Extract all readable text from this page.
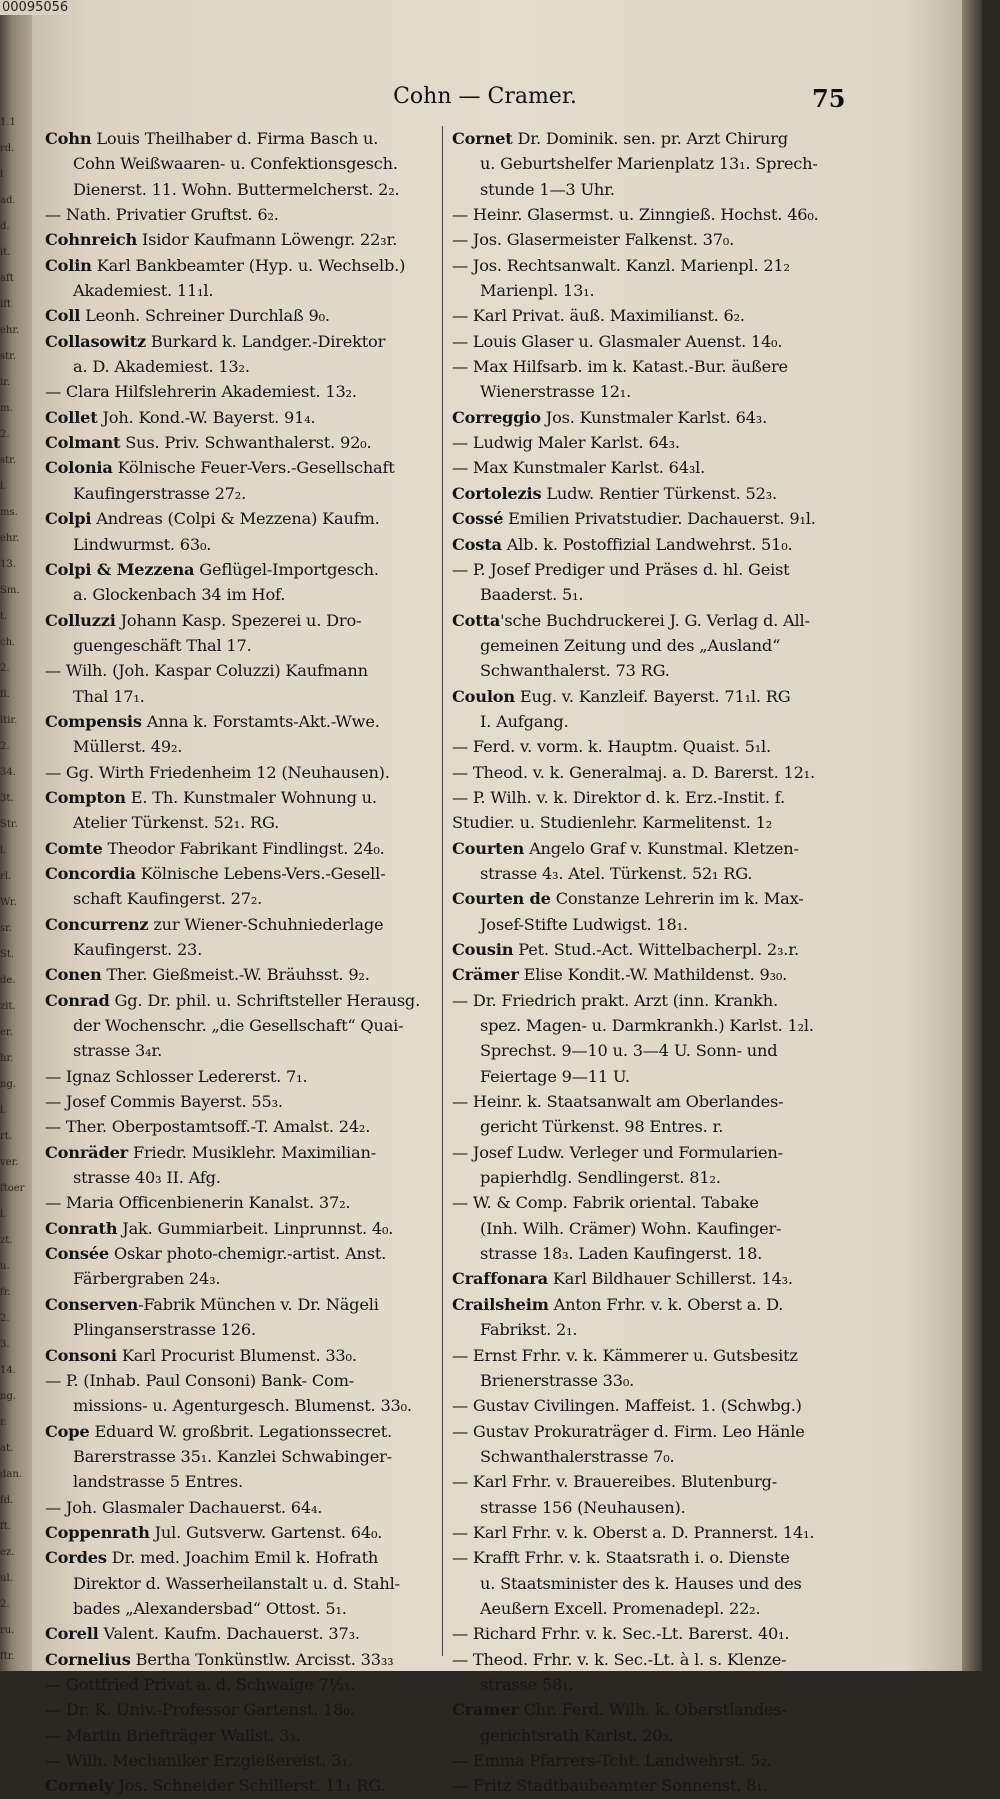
1.1
rd.
l
ad.
d.
it.
aft
ift
ehr.
str.
ir.
m.
2.
str.
l.
ms.
ehr.
13.
Sm.
t.
ch.
2.
fl.
ltir.
2.
34.
3t.
Str.
l.
rl.
Wr.
sr.
St.
de.
zit.
er.
hr.
ng.
l.
rt.
ver.
ftoer
l.
zt.
u.
fr.
2.
3.
14.
ng.
r.
at.
dan.
fd.
ft.
ez.
ul.
2.
ru.
ftr.
00095056
Cohn — Cramer.	75
Cohn Louis Theilhaber d. Firma Basch u.
Cohn Weißwaaren- u. Confektionsgesch.
Dienerst. 11. Wohn. Buttermelcherst. 2₂.
— Nath. Privatier Gruftst. 6₂.
Cohnreich Isidor Kaufmann Löwengr. 22₃r.
Colin Karl Bankbeamter (Hyp. u. Wechselb.)
Akademiest. 11₁l.
Coll Leonh. Schreiner Durchlaß 9₀.
Collasowitz Burkard k. Landger.-Direktor
a. D. Akademiest. 13₂.
— Clara Hilfslehrerin Akademiest. 13₂.
Collet Joh. Kond.-W. Bayerst. 91₄.
Colmant Sus. Priv. Schwanthalerst. 92₀.
Colonia Kölnische Feuer-Vers.-Gesellschaft
Kaufingerstrasse 27₂.
Colpi Andreas (Colpi & Mezzena) Kaufm.
Lindwurmst. 63₀.
Colpi & Mezzena Geflügel-Importgesch.
a. Glockenbach 34 im Hof.
Colluzzi Johann Kasp. Spezerei u. Dro-
guengeschäft Thal 17.
— Wilh. (Joh. Kaspar Coluzzi) Kaufmann
Thal 17₁.
Compensis Anna k. Forstamts-Akt.-Wwe.
Müllerst. 49₂.
— Gg. Wirth Friedenheim 12 (Neuhausen).
Compton E. Th. Kunstmaler Wohnung u.
Atelier Türkenst. 52₁. RG.
Comte Theodor Fabrikant Findlingst. 24₀.
Concordia Kölnische Lebens-Vers.-Gesell-
schaft Kaufingerst. 27₂.
Concurrenz zur Wiener-Schuhniederlage
Kaufingerst. 23.
Conen Ther. Gießmeist.-W. Bräuhsst. 9₂.
Conrad Gg. Dr. phil. u. Schriftsteller Herausg.
der Wochenschr. „die Gesellschaft“ Quai-
strasse 3₄r.
— Ignaz Schlosser Ledererst. 7₁.
— Josef Commis Bayerst. 55₃.
— Ther. Oberpostamtsoff.-T. Amalst. 24₂.
Conräder Friedr. Musiklehr. Maximilian-
strasse 40₃ II. Afg.
— Maria Officenbienerin Kanalst. 37₂.
Conrath Jak. Gummiarbeit. Linprunnst. 4₀.
Consée Oskar photo-chemigr.-artist. Anst.
Färbergraben 24₃.
Conserven-Fabrik München v. Dr. Nägeli
Plinganserstrasse 126.
Consoni Karl Procurist Blumenst. 33₀.
— P. (Inhab. Paul Consoni) Bank- Com-
missions- u. Agenturgesch. Blumenst. 33₀.
Cope Eduard W. großbrit. Legationssecret.
Barerstrasse 35₁. Kanzlei Schwabinger-
landstrasse 5 Entres.
— Joh. Glasmaler Dachauerst. 64₄.
Coppenrath Jul. Gutsverw. Gartenst. 64₀.
Cordes Dr. med. Joachim Emil k. Hofrath
Direktor d. Wasserheilanstalt u. d. Stahl-
bades „Alexandersbad“ Ottost. 5₁.
Corell Valent. Kaufm. Dachauerst. 37₃.
Cornelius Bertha Tonkünstlw. Arcisst. 33₃₃
— Gottfried Privat a. d. Schwaige 7½₁.
— Dr. K. Univ.-Professor Gartenst. 18₀.
— Martin Briefträger Wallst. 3₃.
— Wilh. Mechaniker Erzgießereist. 3₁.
Cornely Jos. Schneider Schillerst. 11₁ RG.
Cornet Dr. Dominik. sen. pr. Arzt Chirurg
u. Geburtshelfer Marienplatz 13₁. Sprech-
stunde 1—3 Uhr.
— Heinr. Glasermst. u. Zinngieß. Hochst. 46₀.
— Jos. Glasermeister Falkenst. 37₀.
— Jos. Rechtsanwalt. Kanzl. Marienpl. 21₂
Marienpl. 13₁.
— Karl Privat. äuß. Maximilianst. 6₂.
— Louis Glaser u. Glasmaler Auenst. 14₀.
— Max Hilfsarb. im k. Katast.-Bur. äußere
Wienerstrasse 12₁.
Correggio Jos. Kunstmaler Karlst. 64₃.
— Ludwig Maler Karlst. 64₃.
— Max Kunstmaler Karlst. 64₃l.
Cortolezis Ludw. Rentier Türkenst. 52₃.
Cossé Emilien Privatstudier. Dachauerst. 9₁l.
Costa Alb. k. Postoffizial Landwehrst. 51₀.
— P. Josef Prediger und Präses d. hl. Geist
Baaderst. 5₁.
Cotta'sche Buchdruckerei J. G. Verlag d. All-
gemeinen Zeitung und des „Ausland“
Schwanthalerst. 73 RG.
Coulon Eug. v. Kanzleif. Bayerst. 71₁l. RG
I. Aufgang.
— Ferd. v. vorm. k. Hauptm. Quaist. 5₁l.
— Theod. v. k. Generalmaj. a. D. Barerst. 12₁.
— P. Wilh. v. k. Direktor d. k. Erz.-Instit. f.
Studier. u. Studienlehr. Karmelitenst. 1₂
Courten Angelo Graf v. Kunstmal. Kletzen-
strasse 4₃. Atel. Türkenst. 52₁ RG.
Courten de Constanze Lehrerin im k. Max-
Josef-Stifte Ludwigst. 18₁.
Cousin Pet. Stud.-Act. Wittelbacherpl. 2₃.r.
Crämer Elise Kondit.-W. Mathildenst. 9₃₀.
— Dr. Friedrich prakt. Arzt (inn. Krankh.
spez. Magen- u. Darmkrankh.) Karlst. 1₂l.
Sprechst. 9—10 u. 3—4 U. Sonn- und
Feiertage 9—11 U.
— Heinr. k. Staatsanwalt am Oberlandes-
gericht Türkenst. 98 Entres. r.
— Josef Ludw. Verleger und Formularien-
papierhdlg. Sendlingerst. 81₂.
— W. & Comp. Fabrik oriental. Tabake
(Inh. Wilh. Crämer) Wohn. Kaufinger-
strasse 18₃. Laden Kaufingerst. 18.
Craffonara Karl Bildhauer Schillerst. 14₃.
Crailsheim Anton Frhr. v. k. Oberst a. D.
Fabrikst. 2₁.
— Ernst Frhr. v. k. Kämmerer u. Gutsbesitz
Brienerstrasse 33₀.
— Gustav Civilingen. Maffeist. 1. (Schwbg.)
— Gustav Prokuraträger d. Firm. Leo Hänle
Schwanthalerstrasse 7₀.
— Karl Frhr. v. Brauereibes. Blutenburg-
strasse 156 (Neuhausen).
— Karl Frhr. v. k. Oberst a. D. Prannerst. 14₁.
— Krafft Frhr. v. k. Staatsrath i. o. Dienste
u. Staatsminister des k. Hauses und des
Aeußern Excell. Promenadepl. 22₂.
— Richard Frhr. v. k. Sec.-Lt. Barerst. 40₁.
— Theod. Frhr. v. k. Sec.-Lt. à l. s. Klenze-
strasse 58₁.
Cramer Chr. Ferd. Wilh. k. Oberstlandes-
gerichtsrath Karlst. 20₃.
— Emma Pfarrers-Tcht. Landwehrst. 5₂.
— Fritz Stadtbaubeamter Sonnenst. 8₁.
